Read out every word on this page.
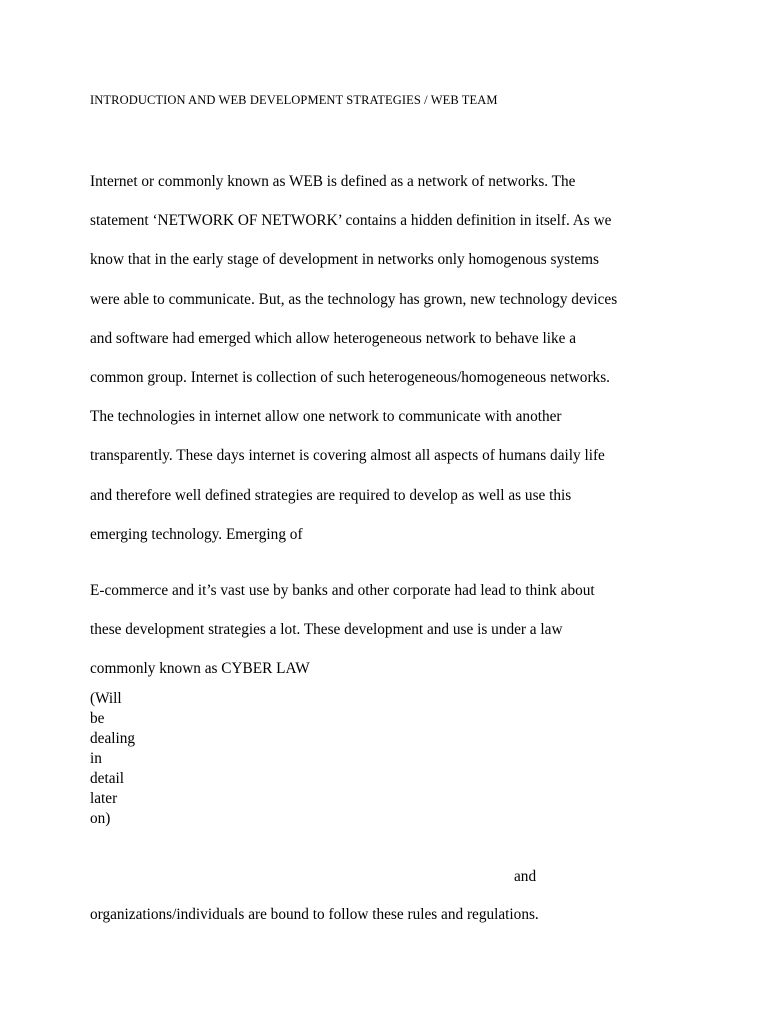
INTRODUCTION AND WEB DEVELOPMENT STRATEGIES / WEB TEAM

Internet or commonly known as WEB is defined as a network of networks. The
statement ‘NETWORK OF NETWORK’ contains a hidden definition in itself. As we
know that in the early stage of development in networks only homogenous systems
were able to communicate. But, as the technology has grown, new technology devices
and software had emerged which allow heterogeneous network to behave like a
common group. Internet is collection of such heterogeneous/homogeneous networks.
The technologies in internet allow one network to communicate with another
transparently. These days internet is covering almost all aspects of humans daily life
and therefore well defined strategies are required to develop as well as use this
emerging technology. Emerging of

E-commerce and it’s vast use by banks and other corporate had lead to think about
these development strategies a lot. These development and use is under a law
commonly known as CYBER LAW

(Will
be
dealing
in
detail
later
on)

and

organizations/individuals are bound to follow these rules and regulations.
